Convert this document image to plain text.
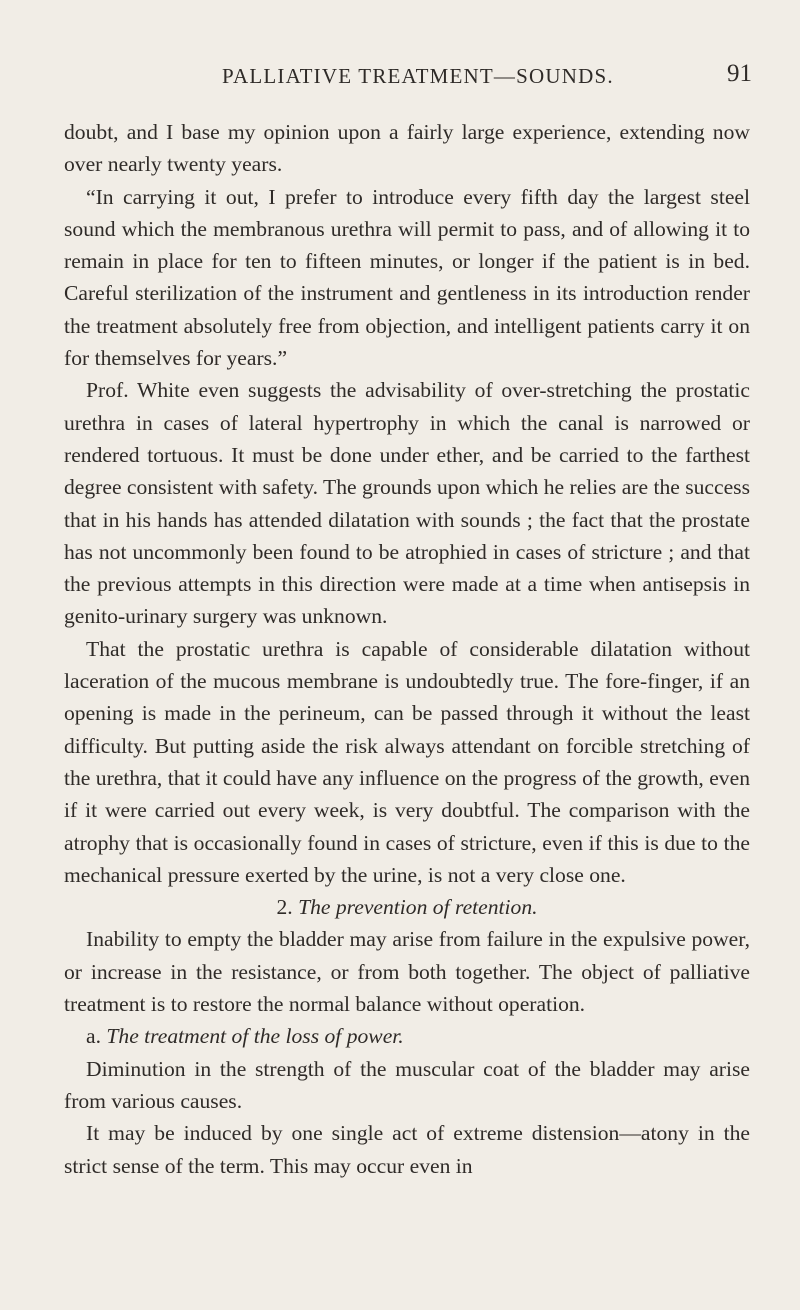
PALLIATIVE TREATMENT—SOUNDS.	91

doubt, and I base my opinion upon a fairly large experience, extending now over nearly twenty years.

“In carrying it out, I prefer to introduce every fifth day the largest steel sound which the membranous urethra will permit to pass, and of allowing it to remain in place for ten to fifteen minutes, or longer if the patient is in bed. Careful sterilization of the instrument and gentleness in its introduction render the treatment absolutely free from objection, and intelligent patients carry it on for themselves for years.”

Prof. White even suggests the advisability of over-stretching the prostatic urethra in cases of lateral hypertrophy in which the canal is narrowed or rendered tortuous. It must be done under ether, and be carried to the farthest degree consistent with safety. The grounds upon which he relies are the success that in his hands has attended dilatation with sounds ; the fact that the prostate has not uncommonly been found to be atrophied in cases of stricture ; and that the previous attempts in this direction were made at a time when antisepsis in genito-urinary surgery was unknown.

That the prostatic urethra is capable of considerable dilatation without laceration of the mucous membrane is undoubtedly true. The fore-finger, if an opening is made in the perineum, can be passed through it without the least difficulty. But putting aside the risk always attendant on forcible stretching of the urethra, that it could have any influence on the progress of the growth, even if it were carried out every week, is very doubtful. The comparison with the atrophy that is occasionally found in cases of stricture, even if this is due to the mechanical pressure exerted by the urine, is not a very close one.

2. The prevention of retention.

Inability to empty the bladder may arise from failure in the expulsive power, or increase in the resistance, or from both together. The object of palliative treatment is to restore the normal balance without operation.

a. The treatment of the loss of power.

Diminution in the strength of the muscular coat of the bladder may arise from various causes.

It may be induced by one single act of extreme distension—atony in the strict sense of the term. This may occur even in
